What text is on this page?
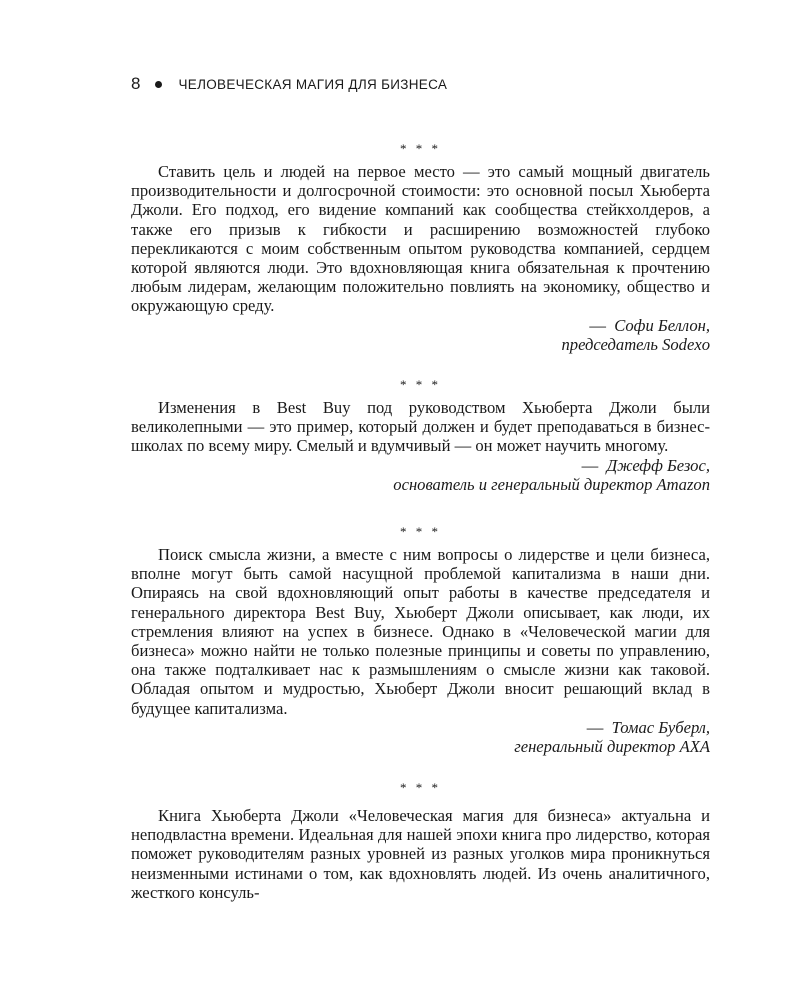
8	ЧЕЛОВЕЧЕСКАЯ МАГИЯ ДЛЯ БИЗНЕСА
* * *

Ставить цель и людей на первое место — это самый мощный двигатель производительности и долгосрочной стоимости: это основной посыл Хьюберта Джоли. Его подход, его видение компаний как сообщества стейкхолдеров, а также его призыв к гибкости и расширению возможностей глубоко перекликаются с моим собственным опытом руководства компанией, сердцем которой являются люди. Это вдохновляющая книга обязательная к прочтению любым лидерам, желающим положительно повлиять на экономику, общество и окружающую среду.

— Софи Беллон,

председатель Sodexo

* * *

Изменения в Best Buy под руководством Хьюберта Джоли были великолепными — это пример, который должен и будет преподаваться в бизнес-школах по всему миру. Смелый и вдумчивый — он может научить многому.

— Джефф Безос,

основатель и генеральный директор Amazon

* * *

Поиск смысла жизни, а вместе с ним вопросы о лидерстве и цели бизнеса, вполне могут быть самой насущной проблемой капитализма в наши дни. Опираясь на свой вдохновляющий опыт работы в качестве председателя и генерального директора Best Buy, Хьюберт Джоли описывает, как люди, их стремления влияют на успех в бизнесе. Однако в «Человеческой магии для бизнеса» можно найти не только полезные принципы и советы по управлению, она также подталкивает нас к размышлениям о смысле жизни как таковой. Обладая опытом и мудростью, Хьюберт Джоли вносит решающий вклад в будущее капитализма.

— Томас Буберл,

генеральный директор AXA

* * *

Книга Хьюберта Джоли «Человеческая магия для бизнеса» актуальна и неподвластна времени. Идеальная для нашей эпохи книга про лидерство, которая поможет руководителям разных уровней из разных уголков мира проникнуться неизменными истинами о том, как вдохновлять людей. Из очень аналитичного, жесткого консуль-
